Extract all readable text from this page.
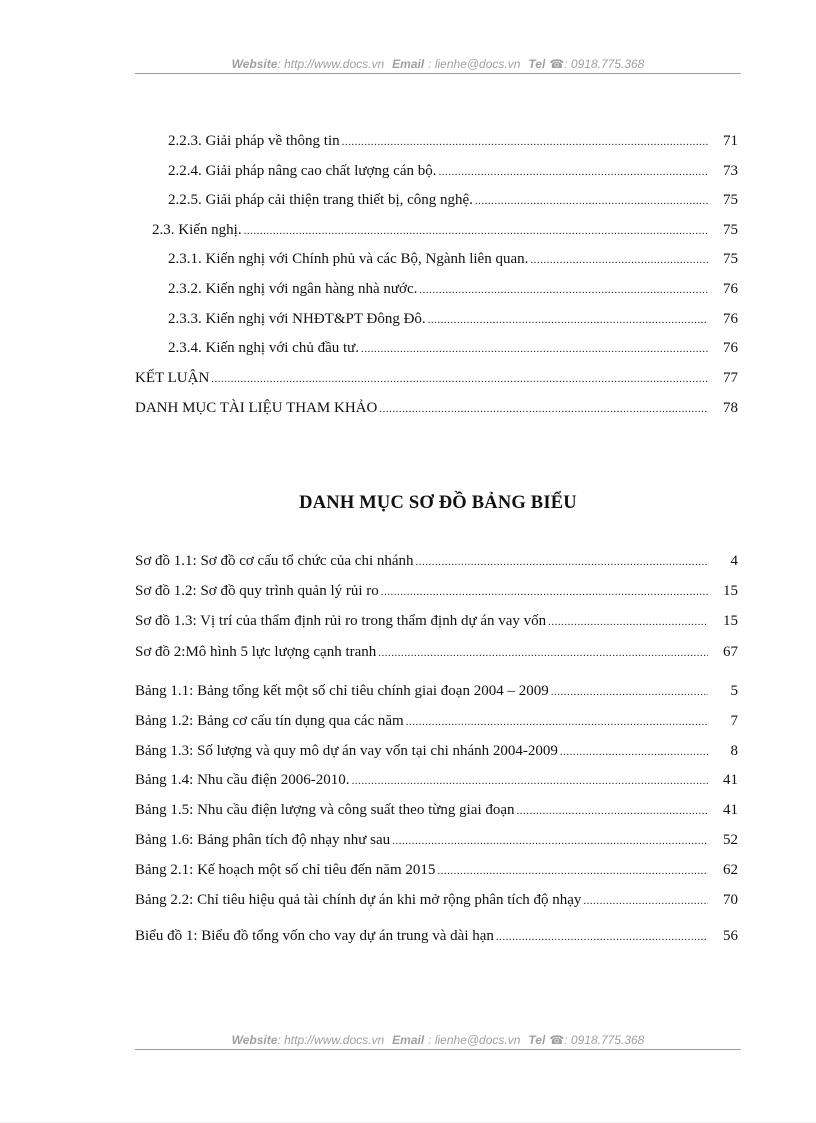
Website: http://www.docs.vn Email : lienhe@docs.vn Tel ☎: 0918.775.368
2.2.3. Giải pháp về thông tin .....	71
2.2.4. Giải pháp nâng cao chất lượng cán bộ. .....	73
2.2.5. Giải pháp cải thiện trang thiết bị, công nghệ. .....	75
2.3. Kiến nghị. .....	75
2.3.1. Kiến nghị với Chính phủ và các Bộ, Ngành liên quan. .....	75
2.3.2. Kiến nghị với ngân hàng nhà nước. .....	76
2.3.3. Kiến nghị với NHĐT&PT Đông Đô. .....	76
2.3.4. Kiến nghị với chủ đầu tư. .....	76
KẾT LUẬN .....	77
DANH MỤC TÀI LIỆU THAM KHẢO .....	78
DANH MỤC SƠ ĐỒ BẢNG BIỂU
Sơ đồ 1.1: Sơ đồ cơ cấu tổ chức của chi nhánh .....	4
Sơ đồ 1.2: Sơ đồ quy trình quản lý rủi ro .....	15
Sơ đồ 1.3: Vị trí của thẩm định rủi ro trong thẩm định dự án vay vốn .....	15
Sơ đồ 2:Mô hình 5 lực lượng cạnh tranh .....	67
Bảng 1.1: Bảng tổng kết một số chỉ tiêu chính giai đoạn 2004 – 2009 .....	5
Bảng 1.2: Bảng cơ cấu tín dụng qua các năm .....	7
Bảng 1.3: Số lượng và quy mô dự án vay vốn tại chi nhánh 2004-2009 .....	8
Bảng 1.4: Nhu cầu điện 2006-2010. .....	41
Bảng 1.5: Nhu cầu điện lượng và công suất theo từng giai đoạn .....	41
Bảng 1.6: Bảng phân tích độ nhạy như sau .....	52
Bảng 2.1: Kế hoạch một số chỉ tiêu đến năm 2015 .....	62
Bảng 2.2: Chỉ tiêu hiệu quả tài chính dự án khi mở rộng phân tích độ nhạy .....	70
Biểu đồ 1: Biểu đồ tổng vốn cho vay dự án trung và dài hạn .....	56
Website: http://www.docs.vn Email : lienhe@docs.vn Tel ☎: 0918.775.368
